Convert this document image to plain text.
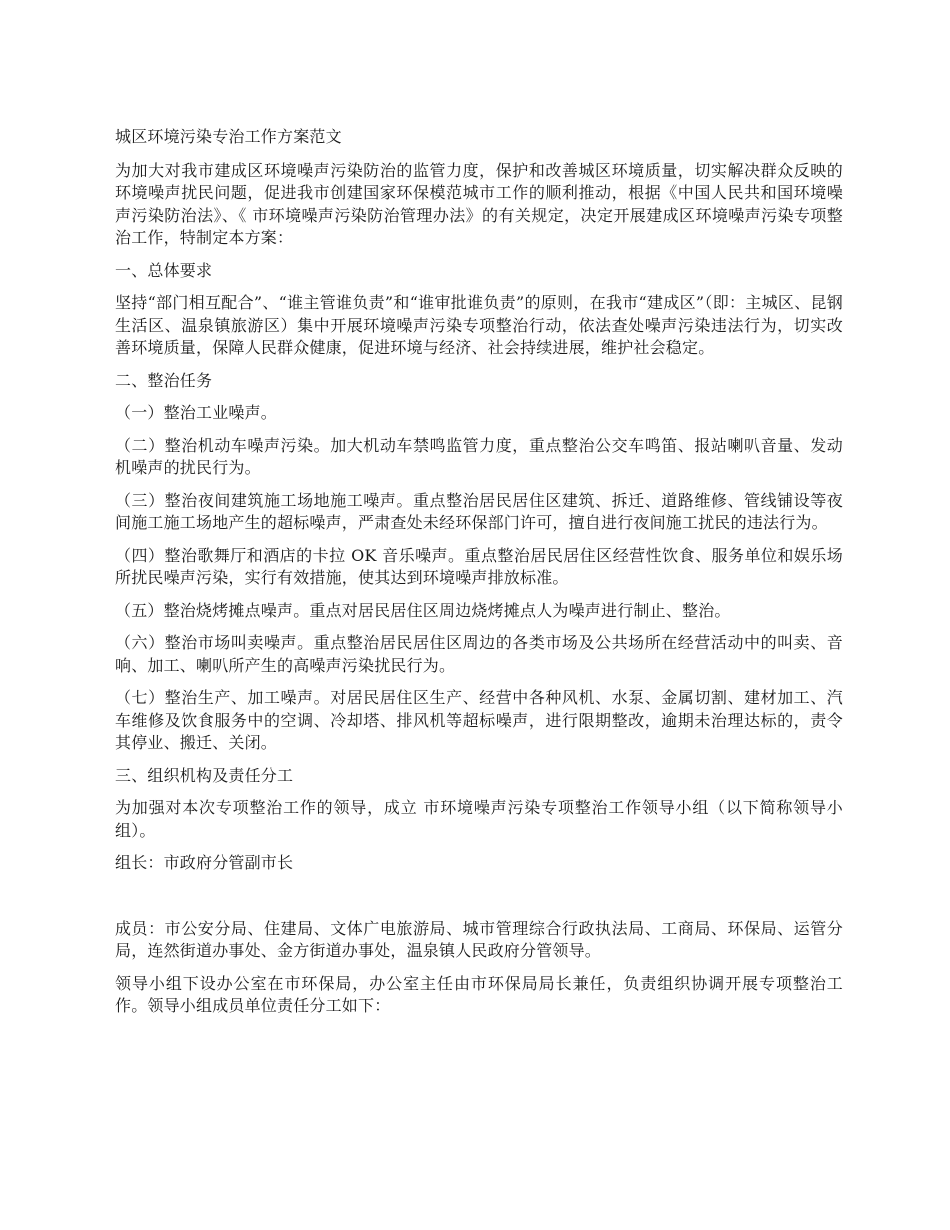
城区环境污染专治工作方案范文

为加大对我市建成区环境噪声污染防治的监管力度，保护和改善城区环境质量，切实解决群众反映的环境噪声扰民问题，促进我市创建国家环保模范城市工作的顺利推动，根据《中国人民共和国环境噪声污染防治法》、《 市环境噪声污染防治管理办法》的有关规定，决定开展建成区环境噪声污染专项整治工作，特制定本方案：

一、总体要求

坚持“部门相互配合”、“谁主管谁负责”和“谁审批谁负责”的原则，在我市“建成区”（即：主城区、昆钢生活区、温泉镇旅游区）集中开展环境噪声污染专项整治行动，依法查处噪声污染违法行为，切实改善环境质量，保障人民群众健康，促进环境与经济、社会持续进展，维护社会稳定。

二、整治任务

（一）整治工业噪声。

（二）整治机动车噪声污染。加大机动车禁鸣监管力度，重点整治公交车鸣笛、报站喇叭音量、发动机噪声的扰民行为。

（三）整治夜间建筑施工场地施工噪声。重点整治居民居住区建筑、拆迁、道路维修、管线铺设等夜间施工施工场地产生的超标噪声，严肃查处未经环保部门许可，擅自进行夜间施工扰民的违法行为。

（四）整治歌舞厅和酒店的卡拉 OK 音乐噪声。重点整治居民居住区经营性饮食、服务单位和娱乐场所扰民噪声污染，实行有效措施，使其达到环境噪声排放标准。

（五）整治烧烤摊点噪声。重点对居民居住区周边烧烤摊点人为噪声进行制止、整治。

（六）整治市场叫卖噪声。重点整治居民居住区周边的各类市场及公共场所在经营活动中的叫卖、音响、加工、喇叭所产生的高噪声污染扰民行为。

（七）整治生产、加工噪声。对居民居住区生产、经营中各种风机、水泵、金属切割、建材加工、汽车维修及饮食服务中的空调、冷却塔、排风机等超标噪声，进行限期整改，逾期未治理达标的，责令其停业、搬迁、关闭。

三、组织机构及责任分工

为加强对本次专项整治工作的领导，成立 市环境噪声污染专项整治工作领导小组（以下简称领导小组）。

组长：市政府分管副市长

成员：市公安分局、住建局、文体广电旅游局、城市管理综合行政执法局、工商局、环保局、运管分局，连然街道办事处、金方街道办事处，温泉镇人民政府分管领导。

领导小组下设办公室在市环保局，办公室主任由市环保局局长兼任，负责组织协调开展专项整治工作。领导小组成员单位责任分工如下：
